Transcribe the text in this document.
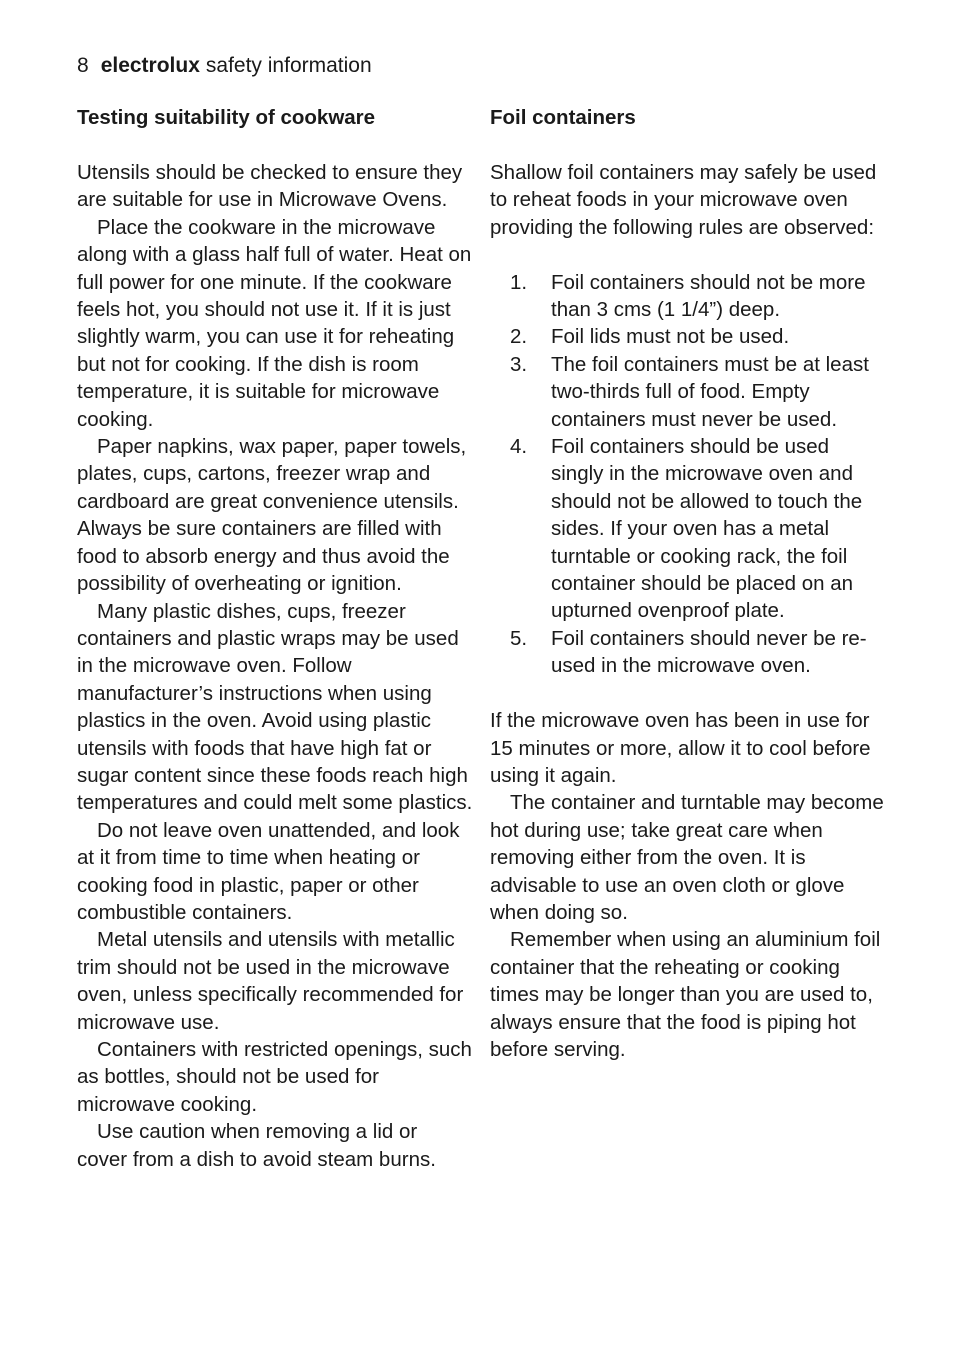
8 electrolux safety information
Testing suitability of cookware

Utensils should be checked to ensure they are suitable for use in Microwave Ovens.

Place the cookware in the microwave along with a glass half full of water. Heat on full power for one minute. If the cookware feels hot, you should not use it. If it is just slightly warm, you can use it for reheating but not for cooking. If the dish is room temperature, it is suitable for microwave cooking.

Paper napkins, wax paper, paper towels, plates, cups, cartons, freezer wrap and cardboard are great convenience utensils. Always be sure containers are filled with food to absorb energy and thus avoid the possibility of overheating or ignition.

Many plastic dishes, cups, freezer containers and plastic wraps may be used in the microwave oven. Follow manufacturer’s instructions when using plastics in the oven. Avoid using plastic utensils with foods that have high fat or sugar content since these foods reach high temperatures and could melt some plastics.

Do not leave oven unattended, and look at it from time to time when heating or cooking food in plastic, paper or other combustible containers.

Metal utensils and utensils with metallic trim should not be used in the microwave oven, unless specifically recommended for microwave use.

Containers with restricted openings, such as bottles, should not be used for microwave cooking.

Use caution when removing a lid or cover from a dish to avoid steam burns.

Foil containers

Shallow foil containers may safely be used to reheat foods in your microwave oven providing the following rules are observed:

1. Foil containers should not be more than 3 cms (1 1/4”) deep.
2. Foil lids must not be used.
3. The foil containers must be at least two-thirds full of food. Empty containers must never be used.
4. Foil containers should be used singly in the microwave oven and should not be allowed to touch the sides. If your oven has a metal turntable or cooking rack, the foil container should be placed on an upturned ovenproof plate.
5. Foil containers should never be re-used in the microwave oven.

If the microwave oven has been in use for 15 minutes or more, allow it to cool before using it again.

The container and turntable may become hot during use; take great care when removing either from the oven. It is advisable to use an oven cloth or glove when doing so.

Remember when using an aluminium foil container that the reheating or cooking times may be longer than you are used to, always ensure that the food is piping hot before serving.
